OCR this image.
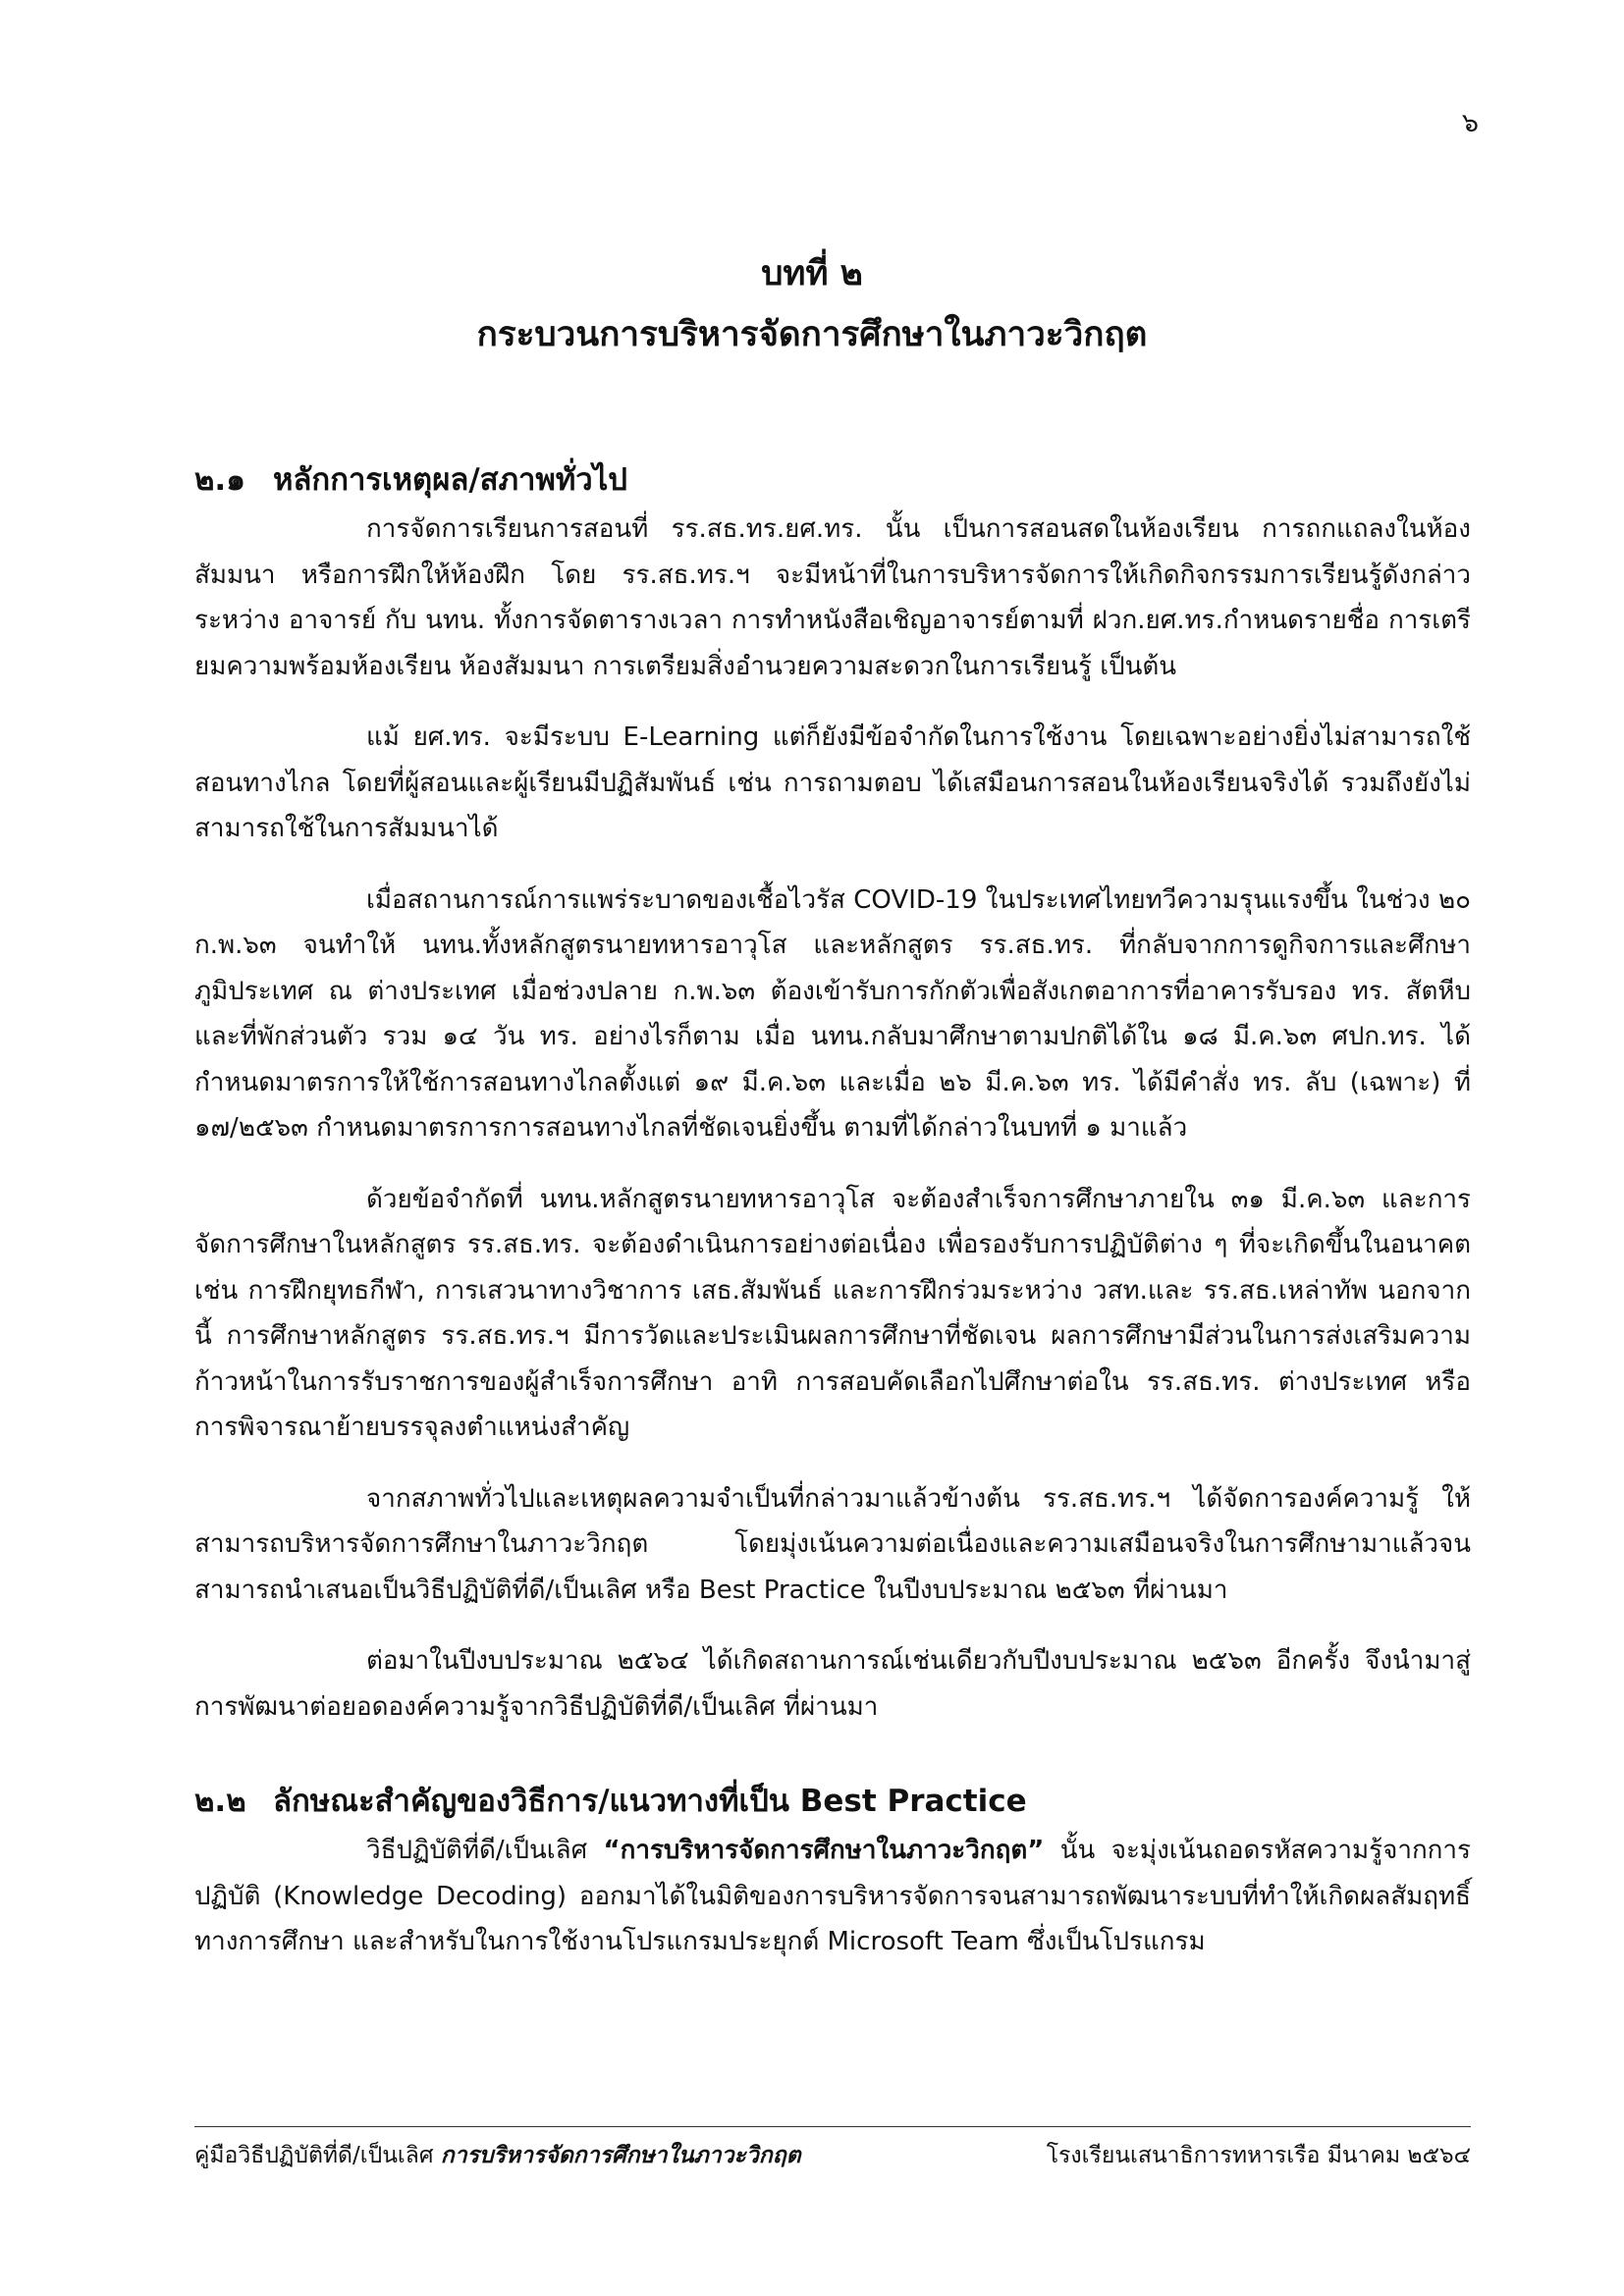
๖
บทที่ ๒
กระบวนการบริหารจัดการศึกษาในภาวะวิกฤต
๒.๑ หลักการเหตุผล/สภาพทั่วไป

การจัดการเรียนการสอนที่ รร.สธ.ทร.ยศ.ทร. นั้น เป็นการสอนสดในห้องเรียน การถกแถลงในห้องสัมมนา หรือการฝึกให้ห้องฝึก โดย รร.สธ.ทร.ฯ จะมีหน้าที่ในการบริหารจัดการให้เกิดกิจกรรมการเรียนรู้ดังกล่าว ระหว่าง อาจารย์ กับ นทน. ทั้งการจัดตารางเวลา การทำหนังสือเชิญอาจารย์ตามที่ ฝวก.ยศ.ทร.กำหนดรายชื่อ การเตรียมความพร้อมห้องเรียน ห้องสัมมนา การเตรียมสิ่งอำนวยความสะดวกในการเรียนรู้ เป็นต้น

แม้ ยศ.ทร. จะมีระบบ E-Learning แต่ก็ยังมีข้อจำกัดในการใช้งาน โดยเฉพาะอย่างยิ่งไม่สามารถใช้สอนทางไกล โดยที่ผู้สอนและผู้เรียนมีปฏิสัมพันธ์ เช่น การถามตอบ ได้เสมือนการสอนในห้องเรียนจริงได้ รวมถึงยังไม่สามารถใช้ในการสัมมนาได้

เมื่อสถานการณ์การแพร่ระบาดของเชื้อไวรัส COVID-19 ในประเทศไทยทวีความรุนแรงขึ้น ในช่วง ๒๐ ก.พ.๖๓ จนทำให้ นทน.ทั้งหลักสูตรนายทหารอาวุโส และหลักสูตร รร.สธ.ทร. ที่กลับจากการดูกิจการและศึกษาภูมิประเทศ ณ ต่างประเทศ เมื่อช่วงปลาย ก.พ.๖๓ ต้องเข้ารับการกักตัวเพื่อสังเกตอาการที่อาคารรับรอง ทร. สัตหีบ และที่พักส่วนตัว รวม ๑๔ วัน ทร. อย่างไรก็ตาม เมื่อ นทน.กลับมาศึกษาตามปกติได้ใน ๑๘ มี.ค.๖๓ ศปก.ทร. ได้กำหนดมาตรการให้ใช้การสอนทางไกลตั้งแต่ ๑๙ มี.ค.๖๓ และเมื่อ ๒๖ มี.ค.๖๓ ทร. ได้มีคำสั่ง ทร. ลับ (เฉพาะ) ที่ ๑๗/๒๕๖๓ กำหนดมาตรการการสอนทางไกลที่ชัดเจนยิ่งขึ้น ตามที่ได้กล่าวในบทที่ ๑ มาแล้ว

ด้วยข้อจำกัดที่ นทน.หลักสูตรนายทหารอาวุโส จะต้องสำเร็จการศึกษาภายใน ๓๑ มี.ค.๖๓ และการจัดการศึกษาในหลักสูตร รร.สธ.ทร. จะต้องดำเนินการอย่างต่อเนื่อง เพื่อรองรับการปฏิบัติต่าง ๆ ที่จะเกิดขึ้นในอนาคต เช่น การฝึกยุทธกีฬา, การเสวนาทางวิชาการ เสธ.สัมพันธ์ และการฝึกร่วมระหว่าง วสท.และ รร.สธ.เหล่าทัพ นอกจากนี้ การศึกษาหลักสูตร รร.สธ.ทร.ฯ มีการวัดและประเมินผลการศึกษาที่ชัดเจน ผลการศึกษามีส่วนในการส่งเสริมความก้าวหน้าในการรับราชการของผู้สำเร็จการศึกษา อาทิ การสอบคัดเลือกไปศึกษาต่อใน รร.สธ.ทร. ต่างประเทศ หรือ การพิจารณาย้ายบรรจุลงตำแหน่งสำคัญ

จากสภาพทั่วไปและเหตุผลความจำเป็นที่กล่าวมาแล้วข้างต้น รร.สธ.ทร.ฯ ได้จัดการองค์ความรู้ ให้สามารถบริหารจัดการศึกษาในภาวะวิกฤต โดยมุ่งเน้นความต่อเนื่องและความเสมือนจริงในการศึกษามาแล้วจนสามารถนำเสนอเป็นวิธีปฏิบัติที่ดี/เป็นเลิศ หรือ Best Practice ในปีงบประมาณ ๒๕๖๓ ที่ผ่านมา

ต่อมาในปีงบประมาณ ๒๕๖๔ ได้เกิดสถานการณ์เช่นเดียวกับปีงบประมาณ ๒๕๖๓ อีกครั้ง จึงนำมาสู่การพัฒนาต่อยอดองค์ความรู้จากวิธีปฏิบัติที่ดี/เป็นเลิศ ที่ผ่านมา

๒.๒ ลักษณะสำคัญของวิธีการ/แนวทางที่เป็น Best Practice

วิธีปฏิบัติที่ดี/เป็นเลิศ “การบริหารจัดการศึกษาในภาวะวิกฤต” นั้น จะมุ่งเน้นถอดรหัสความรู้จากการปฏิบัติ (Knowledge Decoding) ออกมาได้ในมิติของการบริหารจัดการจนสามารถพัฒนาระบบที่ทำให้เกิดผลสัมฤทธิ์ทางการศึกษา และสำหรับในการใช้งานโปรแกรมประยุกต์ Microsoft Team ซึ่งเป็นโปรแกรม

คู่มือวิธีปฏิบัติที่ดี/เป็นเลิศ การบริหารจัดการศึกษาในภาวะวิกฤต	โรงเรียนเสนาธิการทหารเรือ มีนาคม ๒๕๖๔
